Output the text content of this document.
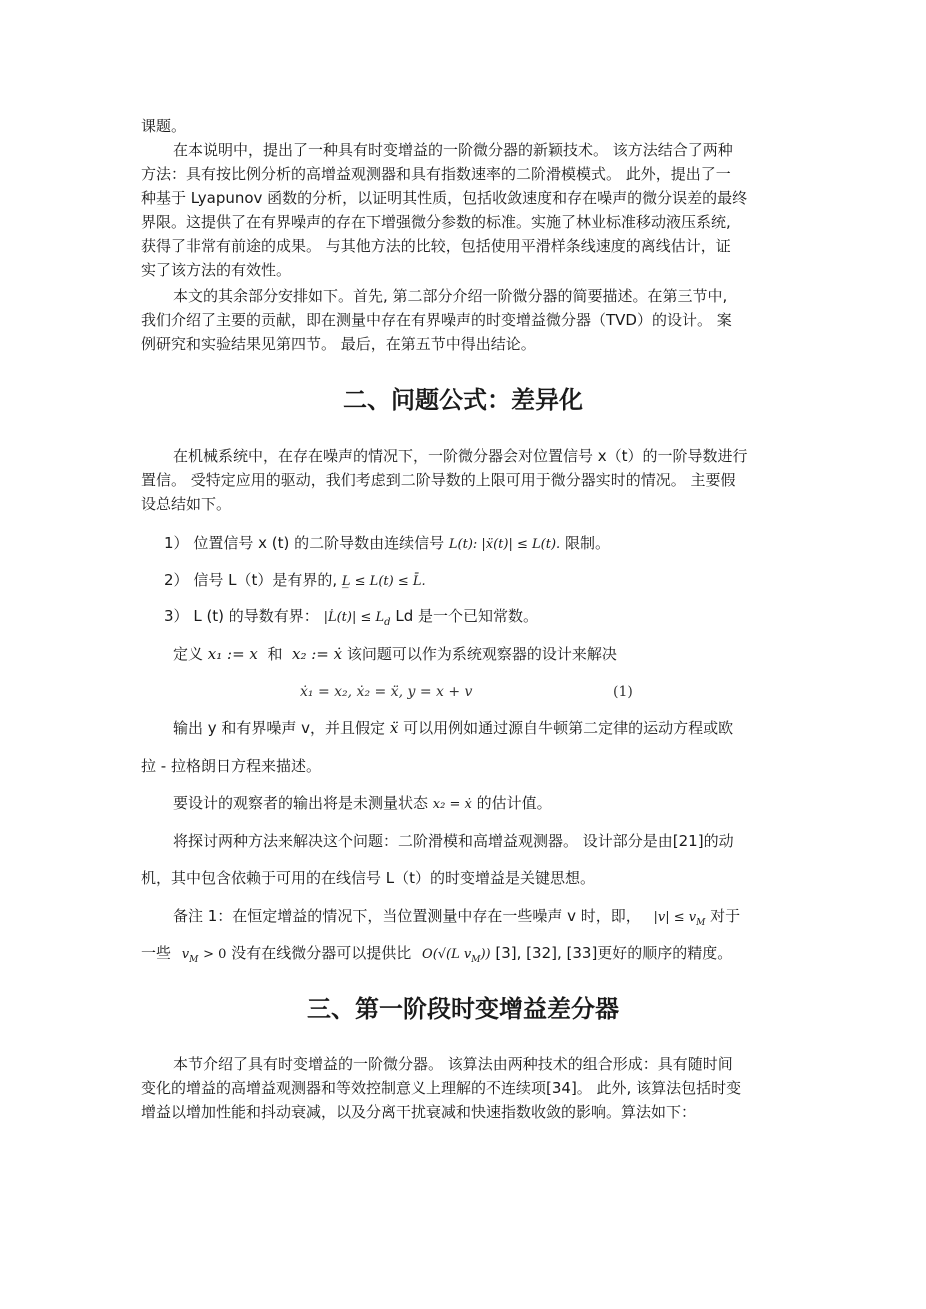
课题。
在本说明中，提出了一种具有时变增益的一阶微分器的新颖技术。 该方法结合了两种
方法：具有按比例分析的高增益观测器和具有指数速率的二阶滑模模式。 此外，提出了一
种基于 Lyapunov 函数的分析，以证明其性质，包括收敛速度和存在噪声的微分误差的最终
界限。这提供了在有界噪声的存在下增强微分参数的标准。实施了林业标准移动液压系统,
获得了非常有前途的成果。 与其他方法的比较，包括使用平滑样条线速度的离线估计，证
实了该方法的有效性。
本文的其余部分安排如下。首先, 第二部分介绍一阶微分器的简要描述。在第三节中,
我们介绍了主要的贡献，即在测量中存在有界噪声的时变增益微分器（TVD）的设计。 案
例研究和实验结果见第四节。 最后，在第五节中得出结论。
二、问题公式：差异化
在机械系统中，在存在噪声的情况下，一阶微分器会对位置信号 x（t）的一阶导数进行
置信。 受特定应用的驱动，我们考虑到二阶导数的上限可用于微分器实时的情况。 主要假
设总结如下。
1） 位置信号 x (t) 的二阶导数由连续信号 L(t): |ẍ(t)| ≤ L(t). 限制。
2） 信号 L（t）是有界的, L̲ ≤ L(t) ≤ L̄.
3） L (t) 的导数有界： |L̇(t)| ≤ $L_d$ Ld 是一个已知常数。
定义 x₁ := x 和 x₂ := ẋ 该问题可以作为系统观察器的设计来解决
ẋ₁ = x₂, ẋ₂ = ẍ, y = x + v	(1)
输出 y 和有界噪声 v，并且假定 ẍ 可以用例如通过源自牛顿第二定律的运动方程或欧
拉 - 拉格朗日方程来描述。
要设计的观察者的输出将是未测量状态 x₂ = ẋ 的估计值。
将探讨两种方法来解决这个问题：二阶滑模和高增益观测器。 设计部分是由[21]的动
机，其中包含依赖于可用的在线信号 L（t）的时变增益是关键思想。
备注 1：在恒定增益的情况下，当位置测量中存在一些噪声 v 时，即， $|v| \le v_M$ 对于
一些 $v_M > 0$ 没有在线微分器可以提供比 O(√(L $v_M$)) [3], [32], [33]更好的顺序的精度。
三、第一阶段时变增益差分器
本节介绍了具有时变增益的一阶微分器。 该算法由两种技术的组合形成：具有随时间
变化的增益的高增益观测器和等效控制意义上理解的不连续项[34]。 此外, 该算法包括时变
增益以增加性能和抖动衰减，以及分离干扰衰减和快速指数收敛的影响。算法如下：
